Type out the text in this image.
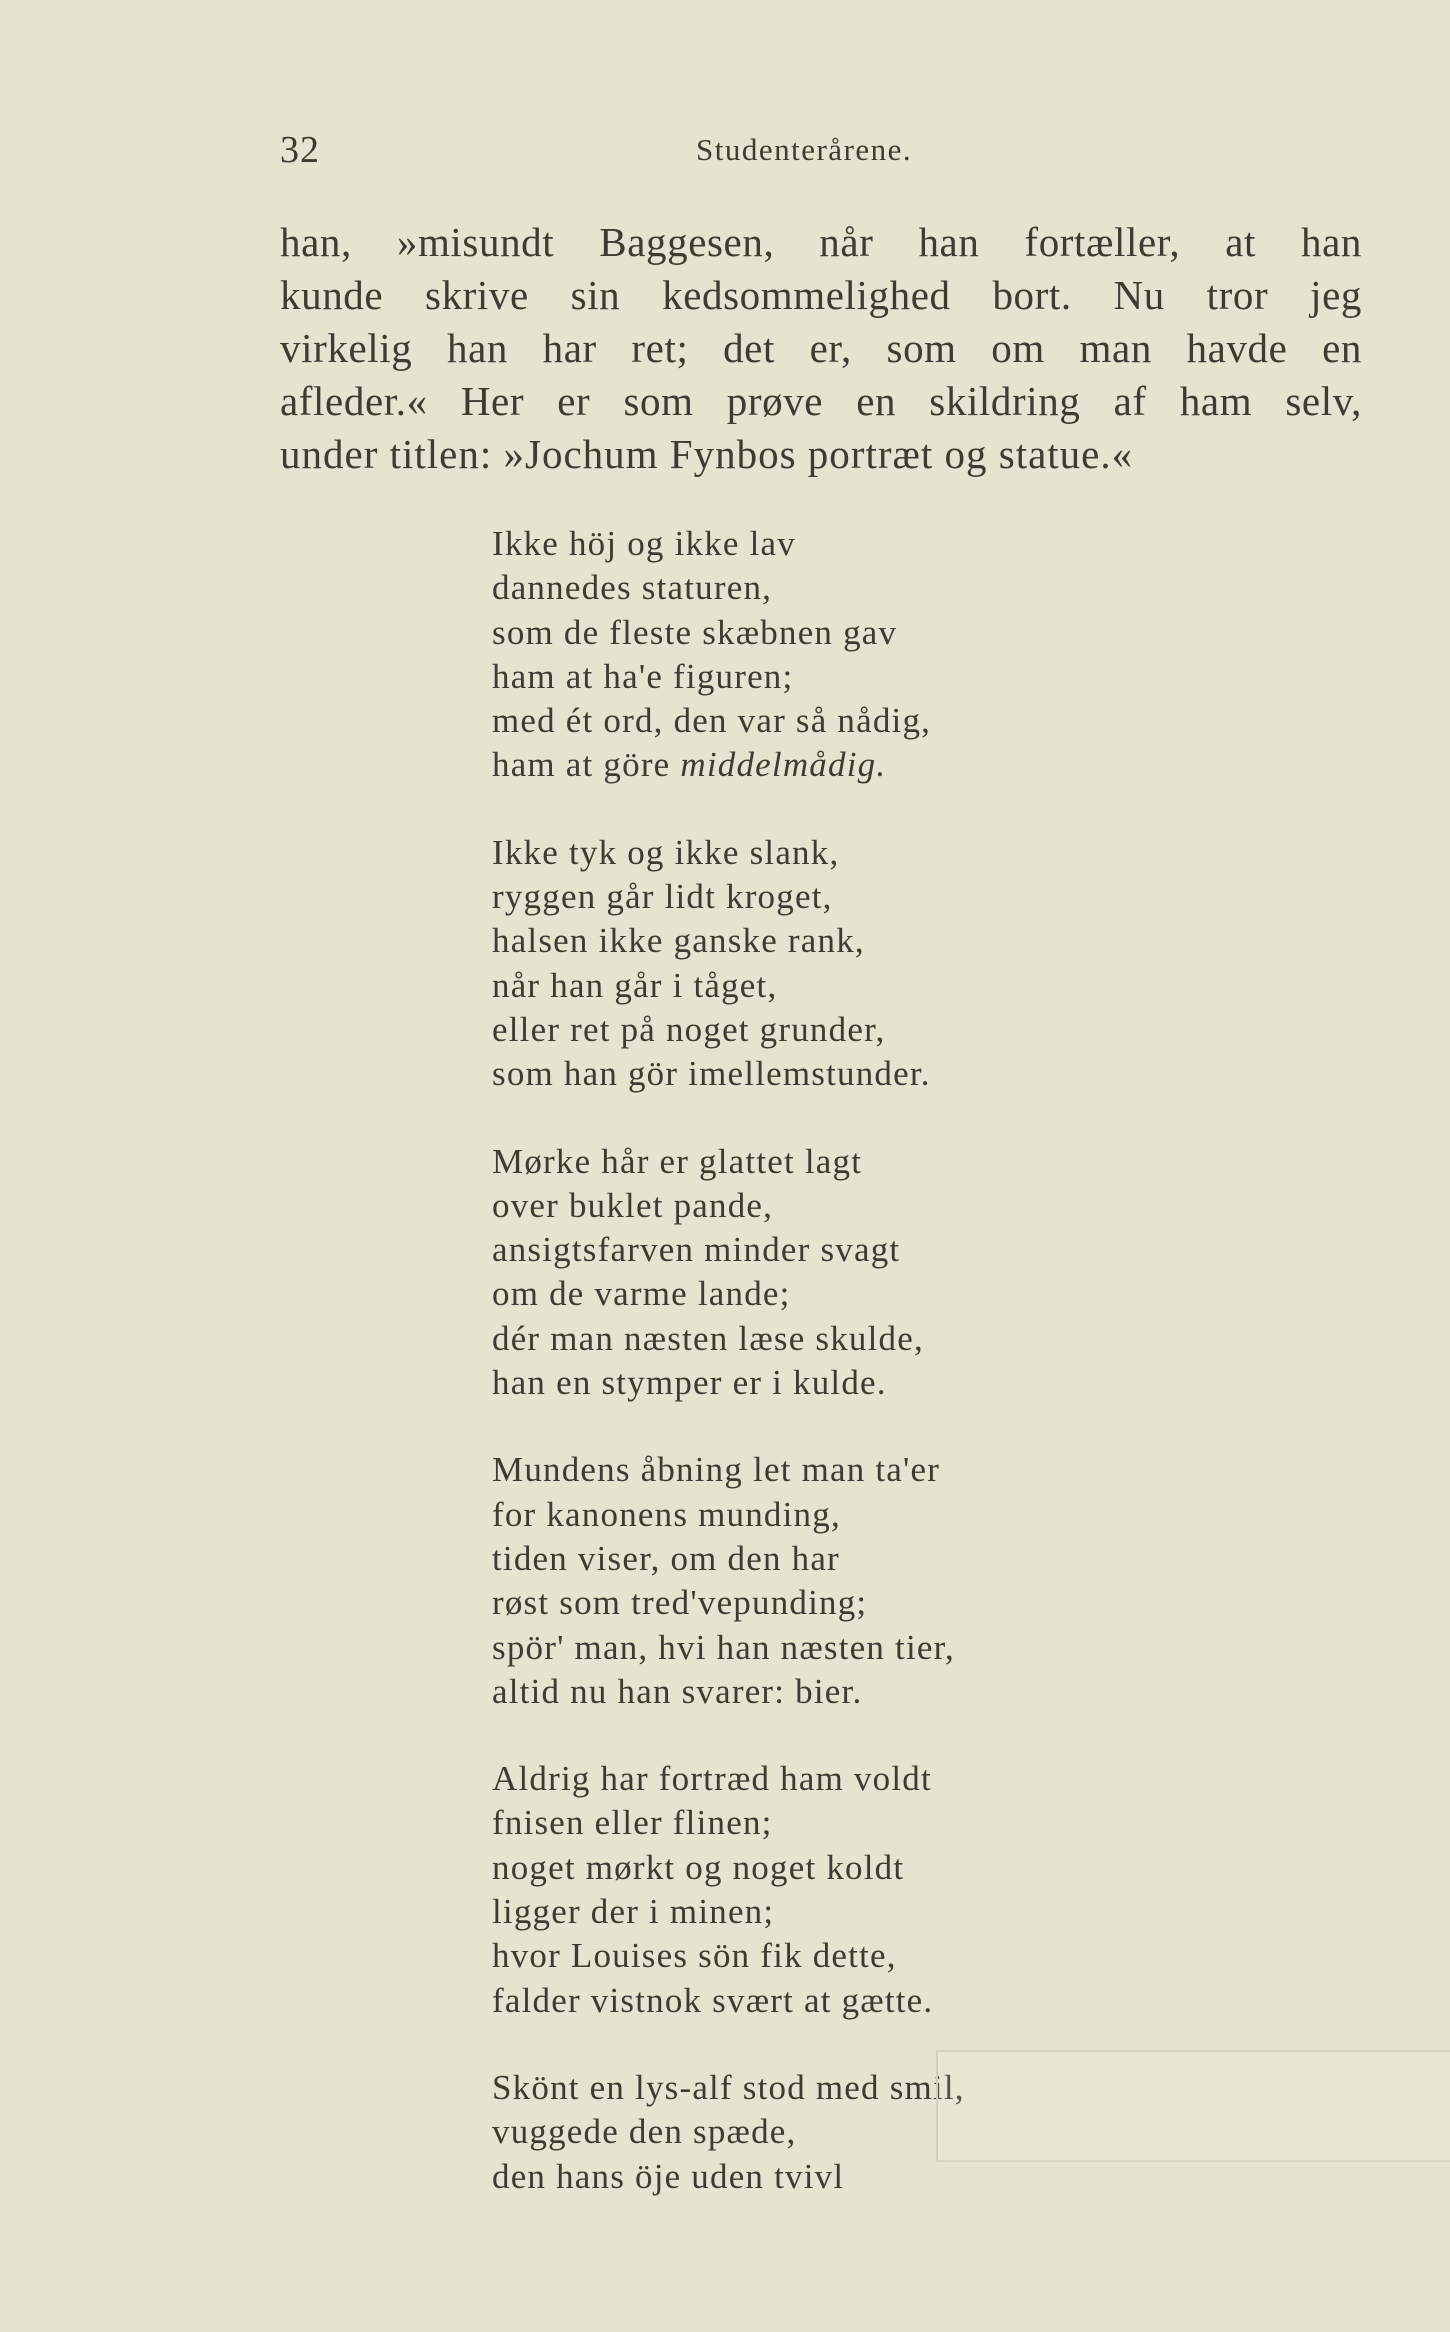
32	Studenterårene.
han, »misundt Baggesen, når han fortæller, at han
kunde skrive sin kedsommelighed bort. Nu tror jeg
virkelig han har ret; det er, som om man havde en
afleder.« Her er som prøve en skildring af ham selv,
under titlen: »Jochum Fynbos portræt og statue.«
Ikke höj og ikke lav
dannedes staturen,
som de fleste skæbnen gav
ham at ha'e figuren;
med ét ord, den var så nådig,
ham at göre middelmådig.
Ikke tyk og ikke slank,
ryggen går lidt kroget,
halsen ikke ganske rank,
når han går i tåget,
eller ret på noget grunder,
som han gör imellemstunder.
Mørke hår er glattet lagt
over buklet pande,
ansigtsfarven minder svagt
om de varme lande;
dér man næsten læse skulde,
han en stymper er i kulde.
Mundens åbning let man ta'er
for kanonens munding,
tiden viser, om den har
røst som tred'vepunding;
spör' man, hvi han næsten tier,
altid nu han svarer: bier.
Aldrig har fortræd ham voldt
fnisen eller flinen;
noget mørkt og noget koldt
ligger der i minen;
hvor Louises sön fik dette,
falder vistnok svært at gætte.
Skönt en lys-alf stod med smil,
vuggede den spæde,
den hans öje uden tvivl
